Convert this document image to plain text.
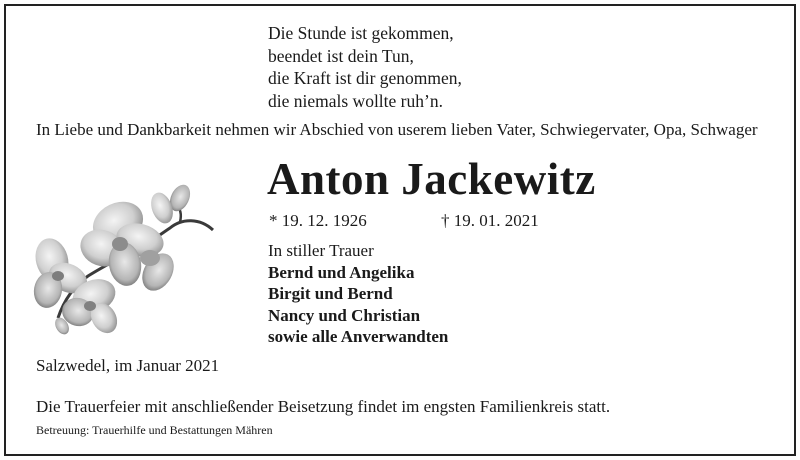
Die Stunde ist gekommen,
beendet ist dein Tun,
die Kraft ist dir genommen,
die niemals wollte ruh’n.
In Liebe und Dankbarkeit nehmen wir Abschied von userem lieben Vater, Schwiegervater, Opa, Schwager
Anton Jackewitz
* 19. 12. 1926	† 19. 01. 2021
In stiller Trauer
Bernd und Angelika
Birgit und Bernd
Nancy und Christian
sowie alle Anverwandten
Salzwedel, im Januar 2021
Die Trauerfeier mit anschließender Beisetzung findet im engsten Familienkreis statt.
Betreuung: Trauerhilfe und Bestattungen Mähren
